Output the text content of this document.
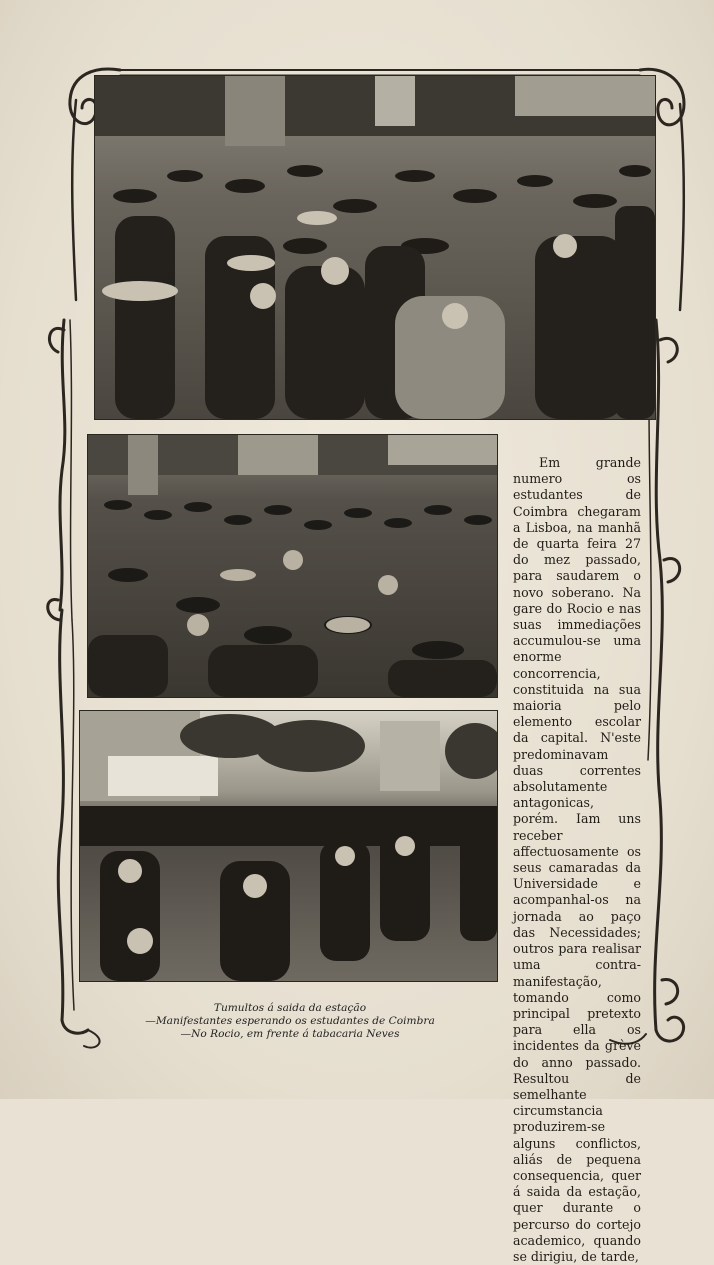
Em grande numero os estudantes de Coimbra chegaram a Lisboa, na manhã de quarta feira 27 do mez passado, para saudarem o novo soberano. Na gare do Rocio e nas suas immediações accumulou-se uma enorme concorrencia, constituida na sua maioria pelo elemento escolar da capital. N'este predominavam duas correntes absolutamente antagonicas, porém. Iam uns receber affectuosamente os seus camaradas da Universidade e acompanhal-os na jornada ao paço das Necessidades; outros para realisar uma contra-manifestação, tomando como principal pretexto para ella os incidentes da grève do anno passado. Resultou de semelhante circumstancia produzirem-se alguns conflictos, aliás de pequena consequencia, quer á saida da estação, quer durante o percurso do cortejo academico, quando se dirigiu, de tarde,

Tumultos á saida da estação
—Manifestantes esperando os estudantes de Coimbra
—No Rocio, em frente á tabacaria Neves
